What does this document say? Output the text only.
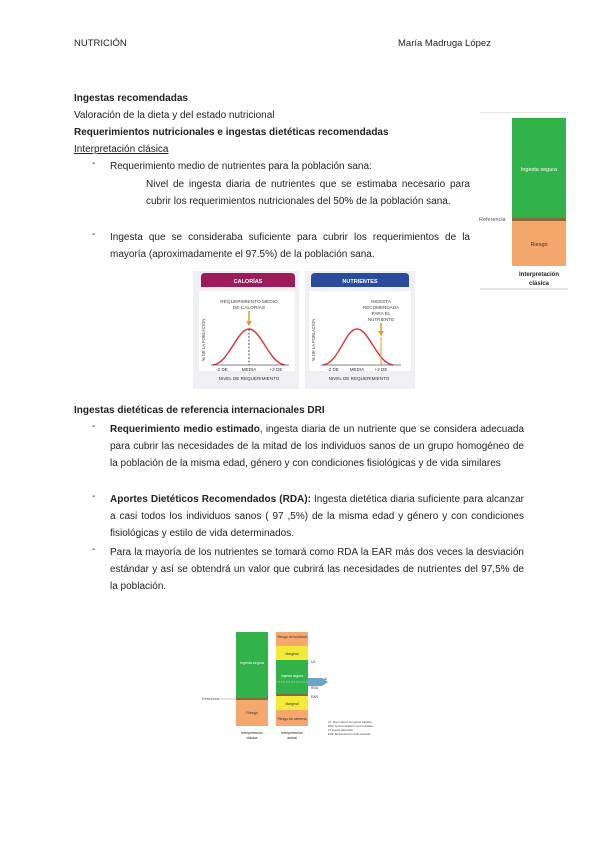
NUTRICIÓN	María Madruga López
Ingestas recomendadas
Valoración de la dieta y del estado nutricional
Requerimientos nutricionales e ingestas dietéticas recomendadas
Interpretación clásica
- Requerimiento medio de nutrientes para la población sana:
Nivel de ingesta diaria de nutrientes que se estimaba necesario para cubrir los requerimientos nutricionales del 50% de la población sana.
- Ingesta que se consideraba suficiente para cubrir los requerimientos de la mayoría (aproximadamente el 97.5%) de la población sana.
Ingesta segura
Referencia
Riesgo
Interpretación
clásica
CALORÍAS
REQUERIMIENTO MEDIO
DE CALORÍAS
% DE LA POBLACIÓN
-2 DE	MEDIA	+2 DE
NIVEL DE REQUERIMIENTO
NUTRIENTES
INGESTA
RECOMENDADA
PARA EL
NUTRIENTE
% DE LA POBLACIÓN
-2 DE MEDIA +2 DE
NIVEL DE REQUERIMIENTO
Ingestas dietéticas de referencia internacionales DRI
- Requerimiento medio estimado, ingesta diaria de un nutriente que se considera adecuada para cubrir las necesidades de la mitad de los individuos sanos de un grupo homogéneo de la población de la misma edad, género y con condiciones fisiológicas y de vida similares
- Aportes Dietéticos Recomendados (RDA): Ingesta dietética diaria suficiente para alcanzar a casi todos los individuos sanos ( 97 ,5%) de la misma edad y género y con condiciones fisiológicas y estilo de vida determinados.
- Para la mayoría de los nutrientes se tomará como RDA la EAR más dos veces la desviación estándar y así se obtendrá un valor que cubrirá las necesidades de nutrientes del 97,5% de la población.
Ingesta segura
Riesgo
Referencia
Riesgo de toxicidad
Marginal
Ingesta segura
Marginal
Riesgo de carencia
UL
AI
RDA
EAR
Interpretación
clásica
Interpretación
actual
UL: Nivel máximo de ingesta tolerable
RDA: Aportes dietéticos recomendados
AI: Ingesta adecuada
EAR: Requerimiento medio estimado
